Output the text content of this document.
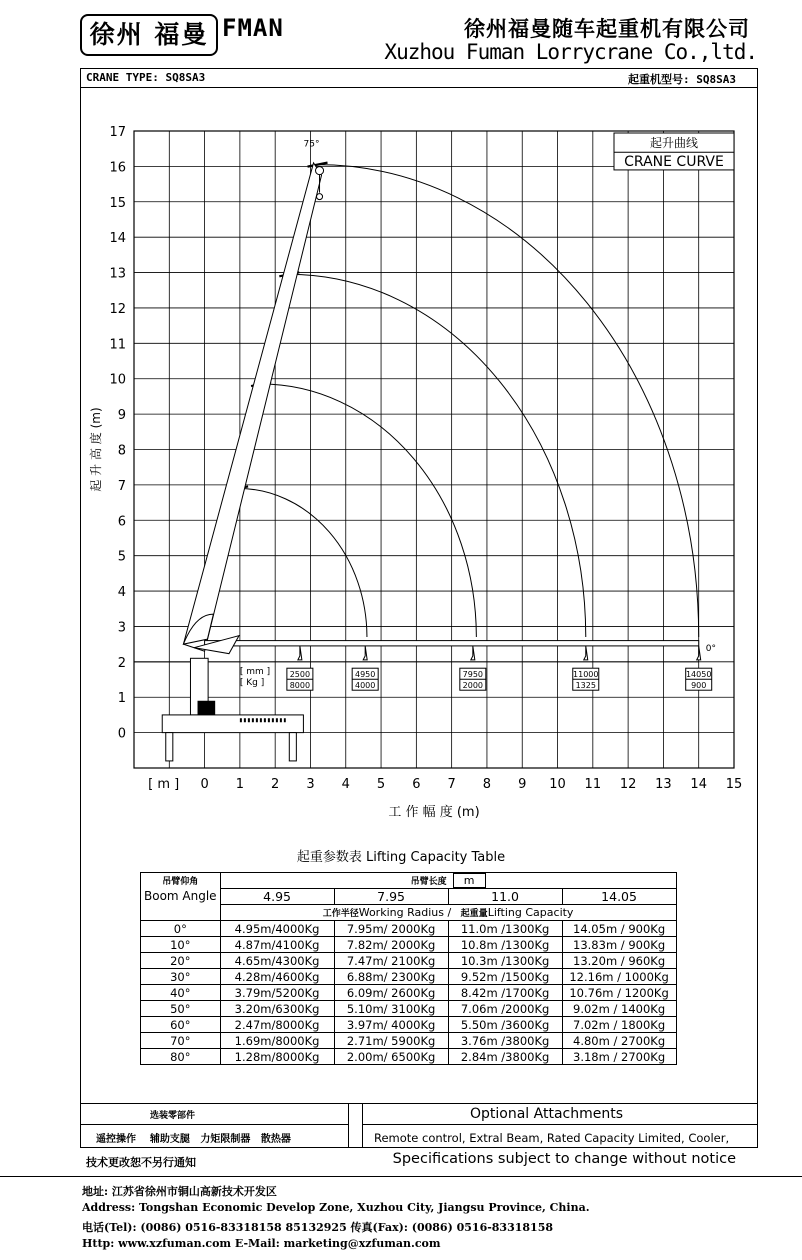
徐州 福曼 FMAN	徐州福曼随车起重机有限公司
Xuzhou Fuman Lorrycrane Co.,ltd.
CRANE TYPE: SQ8SA3	起重机型号: SQ8SA3
起升曲线
CRANE CURVE
0
1
2
3
4
5
6
7
8
9
10
11
12
13
14
15
16
17
0 1 2 3 4 5 6 7 8 9 10 11 12 13 14 15
[ m ]
工 作 幅 度 (m)
起 升 高 度 (m)
75°
0°
[ mm ]
[ Kg ]
2500
8000
4950
4000
7950
2000
11000
1325
14050
900
起重参数表 Lifting Capacity Table
吊臂仰角	吊臂长度 m			
Boom Angle	4.95	7.95	11.0	14.05
	工作半径Working Radius / 起重量Lifting Capacity			
0°	4.95m/4000Kg	7.95m/ 2000Kg	11.0m /1300Kg	14.05m / 900Kg
10°	4.87m/4100Kg	7.82m/ 2000Kg	10.8m /1300Kg	13.83m / 900Kg
20°	4.65m/4300Kg	7.47m/ 2100Kg	10.3m /1300Kg	13.20m / 960Kg
30°	4.28m/4600Kg	6.88m/ 2300Kg	9.52m /1500Kg	12.16m / 1000Kg
40°	3.79m/5200Kg	6.09m/ 2600Kg	8.42m /1700Kg	10.76m / 1200Kg
50°	3.20m/6300Kg	5.10m/ 3100Kg	7.06m /2000Kg	9.02m / 1400Kg
60°	2.47m/8000Kg	3.97m/ 4000Kg	5.50m /3600Kg	7.02m / 1800Kg
70°	1.69m/8000Kg	2.71m/ 5900Kg	3.76m /3800Kg	4.80m / 2700Kg
80°	1.28m/8000Kg	2.00m/ 6500Kg	2.84m /3800Kg	3.18m / 2700Kg
选装零部件	Optional Attachments
遥控操作    辅助支腿   力矩限制器   散热器	Remote control, Extral Beam, Rated Capacity Limited, Cooler,
技术更改恕不另行通知	Specifications subject to change without notice
地址: 江苏省徐州市铜山高新技术开发区
Address: Tongshan Economic Develop Zone, Xuzhou City, Jiangsu Province, China.
电话(Tel): (0086) 0516-83318158 85132925 传真(Fax): (0086) 0516-83318158
Http: www.xzfuman.com E-Mail: marketing@xzfuman.com
